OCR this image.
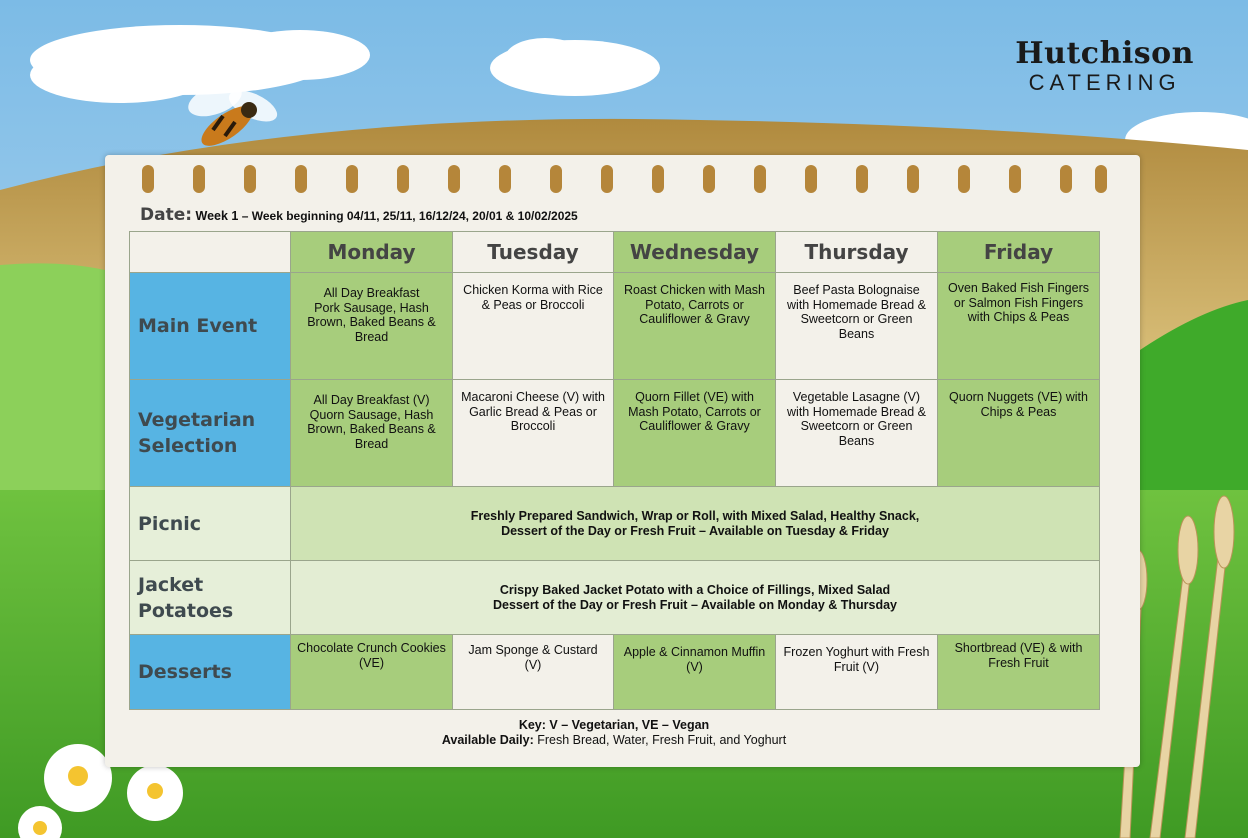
Hutchison
CATERING
Date: Week 1 – Week beginning 04/11, 25/11, 16/12/24, 20/01 & 10/02/2025
	Monday	Tuesday	Wednesday	Thursday	Friday
Main Event	All Day Breakfast
Pork Sausage, Hash Brown, Baked Beans & Bread	Chicken Korma with Rice & Peas or Broccoli	Roast Chicken with Mash Potato, Carrots or Cauliflower & Gravy	Beef Pasta Bolognaise with Homemade Bread & Sweetcorn or Green Beans	Oven Baked Fish Fingers or Salmon Fish Fingers with Chips & Peas
Vegetarian Selection	All Day Breakfast (V)
Quorn Sausage, Hash Brown, Baked Beans & Bread	Macaroni Cheese (V) with Garlic Bread & Peas or Broccoli	Quorn Fillet (VE) with Mash Potato, Carrots or Cauliflower & Gravy	Vegetable Lasagne (V) with Homemade Bread & Sweetcorn or Green Beans	Quorn Nuggets (VE) with Chips & Peas
Picnic	Freshly Prepared Sandwich, Wrap or Roll, with Mixed Salad, Healthy Snack,
Dessert of the Day or Fresh Fruit – Available on Tuesday & Friday				

Jacket Potatoes	Crispy Baked Jacket Potato with a Choice of Fillings, Mixed Salad
Dessert of the Day or Fresh Fruit – Available on Monday & Thursday				

Desserts	Chocolate Crunch Cookies (VE)	Jam Sponge & Custard (V)	Apple & Cinnamon Muffin (V)	Frozen Yoghurt with Fresh Fruit (V)	Shortbread (VE) & with Fresh Fruit
Key: V – Vegetarian, VE – Vegan
Available Daily: Fresh Bread, Water, Fresh Fruit, and Yoghurt
